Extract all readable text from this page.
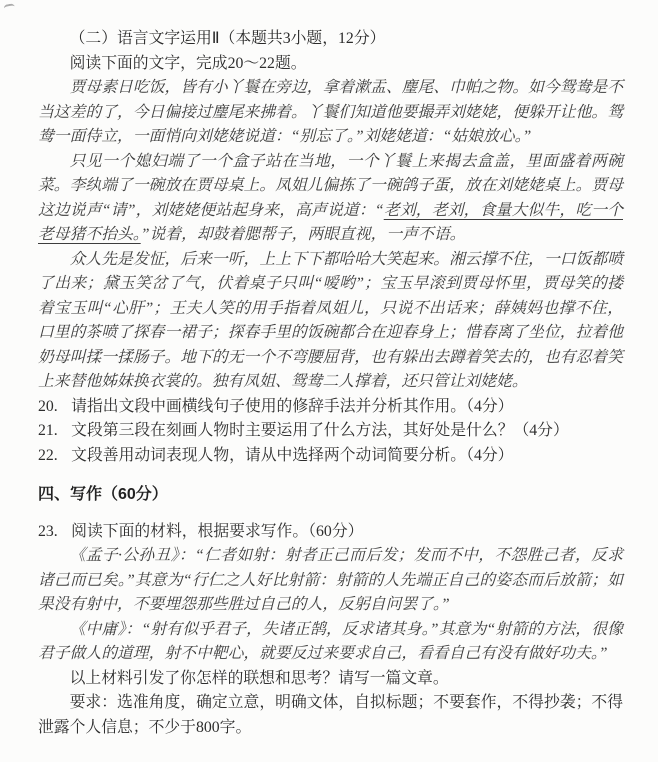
（二）语言文字运用Ⅱ（本题共3小题，12分）

阅读下面的文字，完成20～22题。

贾母素日吃饭，皆有小丫鬟在旁边，拿着漱盂、麈尾、巾帕之物。如今鸳鸯是不当这差的了，今日偏接过麈尾来拂着。丫鬟们知道他要撮弄刘姥姥，便躲开让他。鸳鸯一面侍立，一面悄向刘姥姥说道：“别忘了。”刘姥姥道：“姑娘放心。”

只见一个媳妇端了一个盒子站在当地，一个丫鬟上来揭去盒盖，里面盛着两碗菜。李纨端了一碗放在贾母桌上。凤姐儿偏拣了一碗鸽子蛋，放在刘姥姥桌上。贾母这边说声“请”，刘姥姥便站起身来，高声说道：“老刘，老刘，食量大似牛，吃一个老母猪不抬头。”说着，却鼓着腮帮子，两眼直视，一声不语。

众人先是发怔，后来一听，上上下下都哈哈大笑起来。湘云撑不住，一口饭都喷了出来；黛玉笑岔了气，伏着桌子只叫“嗳哟”；宝玉早滚到贾母怀里，贾母笑的搂着宝玉叫“心肝”；王夫人笑的用手指着凤姐儿，只说不出话来；薛姨妈也撑不住，口里的茶喷了探春一裙子；探春手里的饭碗都合在迎春身上；惜春离了坐位，拉着他奶母叫揉一揉肠子。地下的无一个不弯腰屈背，也有躲出去蹲着笑去的，也有忍着笑上来替他姊妹换衣裳的。独有凤姐、鸳鸯二人撑着，还只管让刘姥姥。

20. 请指出文段中画横线句子使用的修辞手法并分析其作用。（4分）

21. 文段第三段在刻画人物时主要运用了什么方法，其好处是什么？（4分）

22. 文段善用动词表现人物，请从中选择两个动词简要分析。（4分）

四、写作（60分）

23. 阅读下面的材料，根据要求写作。（60分）

《孟子·公孙丑》：“仁者如射：射者正己而后发；发而不中，不怨胜己者，反求诸己而已矣。”其意为“行仁之人好比射箭：射箭的人先端正自己的姿态而后放箭；如果没有射中，不要埋怨那些胜过自己的人，反躬自问罢了。”

《中庸》：“射有似乎君子，失诸正鹄，反求诸其身。”其意为“射箭的方法，很像君子做人的道理，射不中靶心，就要反过来要求自己，看看自己有没有做好功夫。”

以上材料引发了你怎样的联想和思考？请写一篇文章。

要求：选准角度，确定立意，明确文体，自拟标题；不要套作，不得抄袭；不得泄露个人信息；不少于800字。
